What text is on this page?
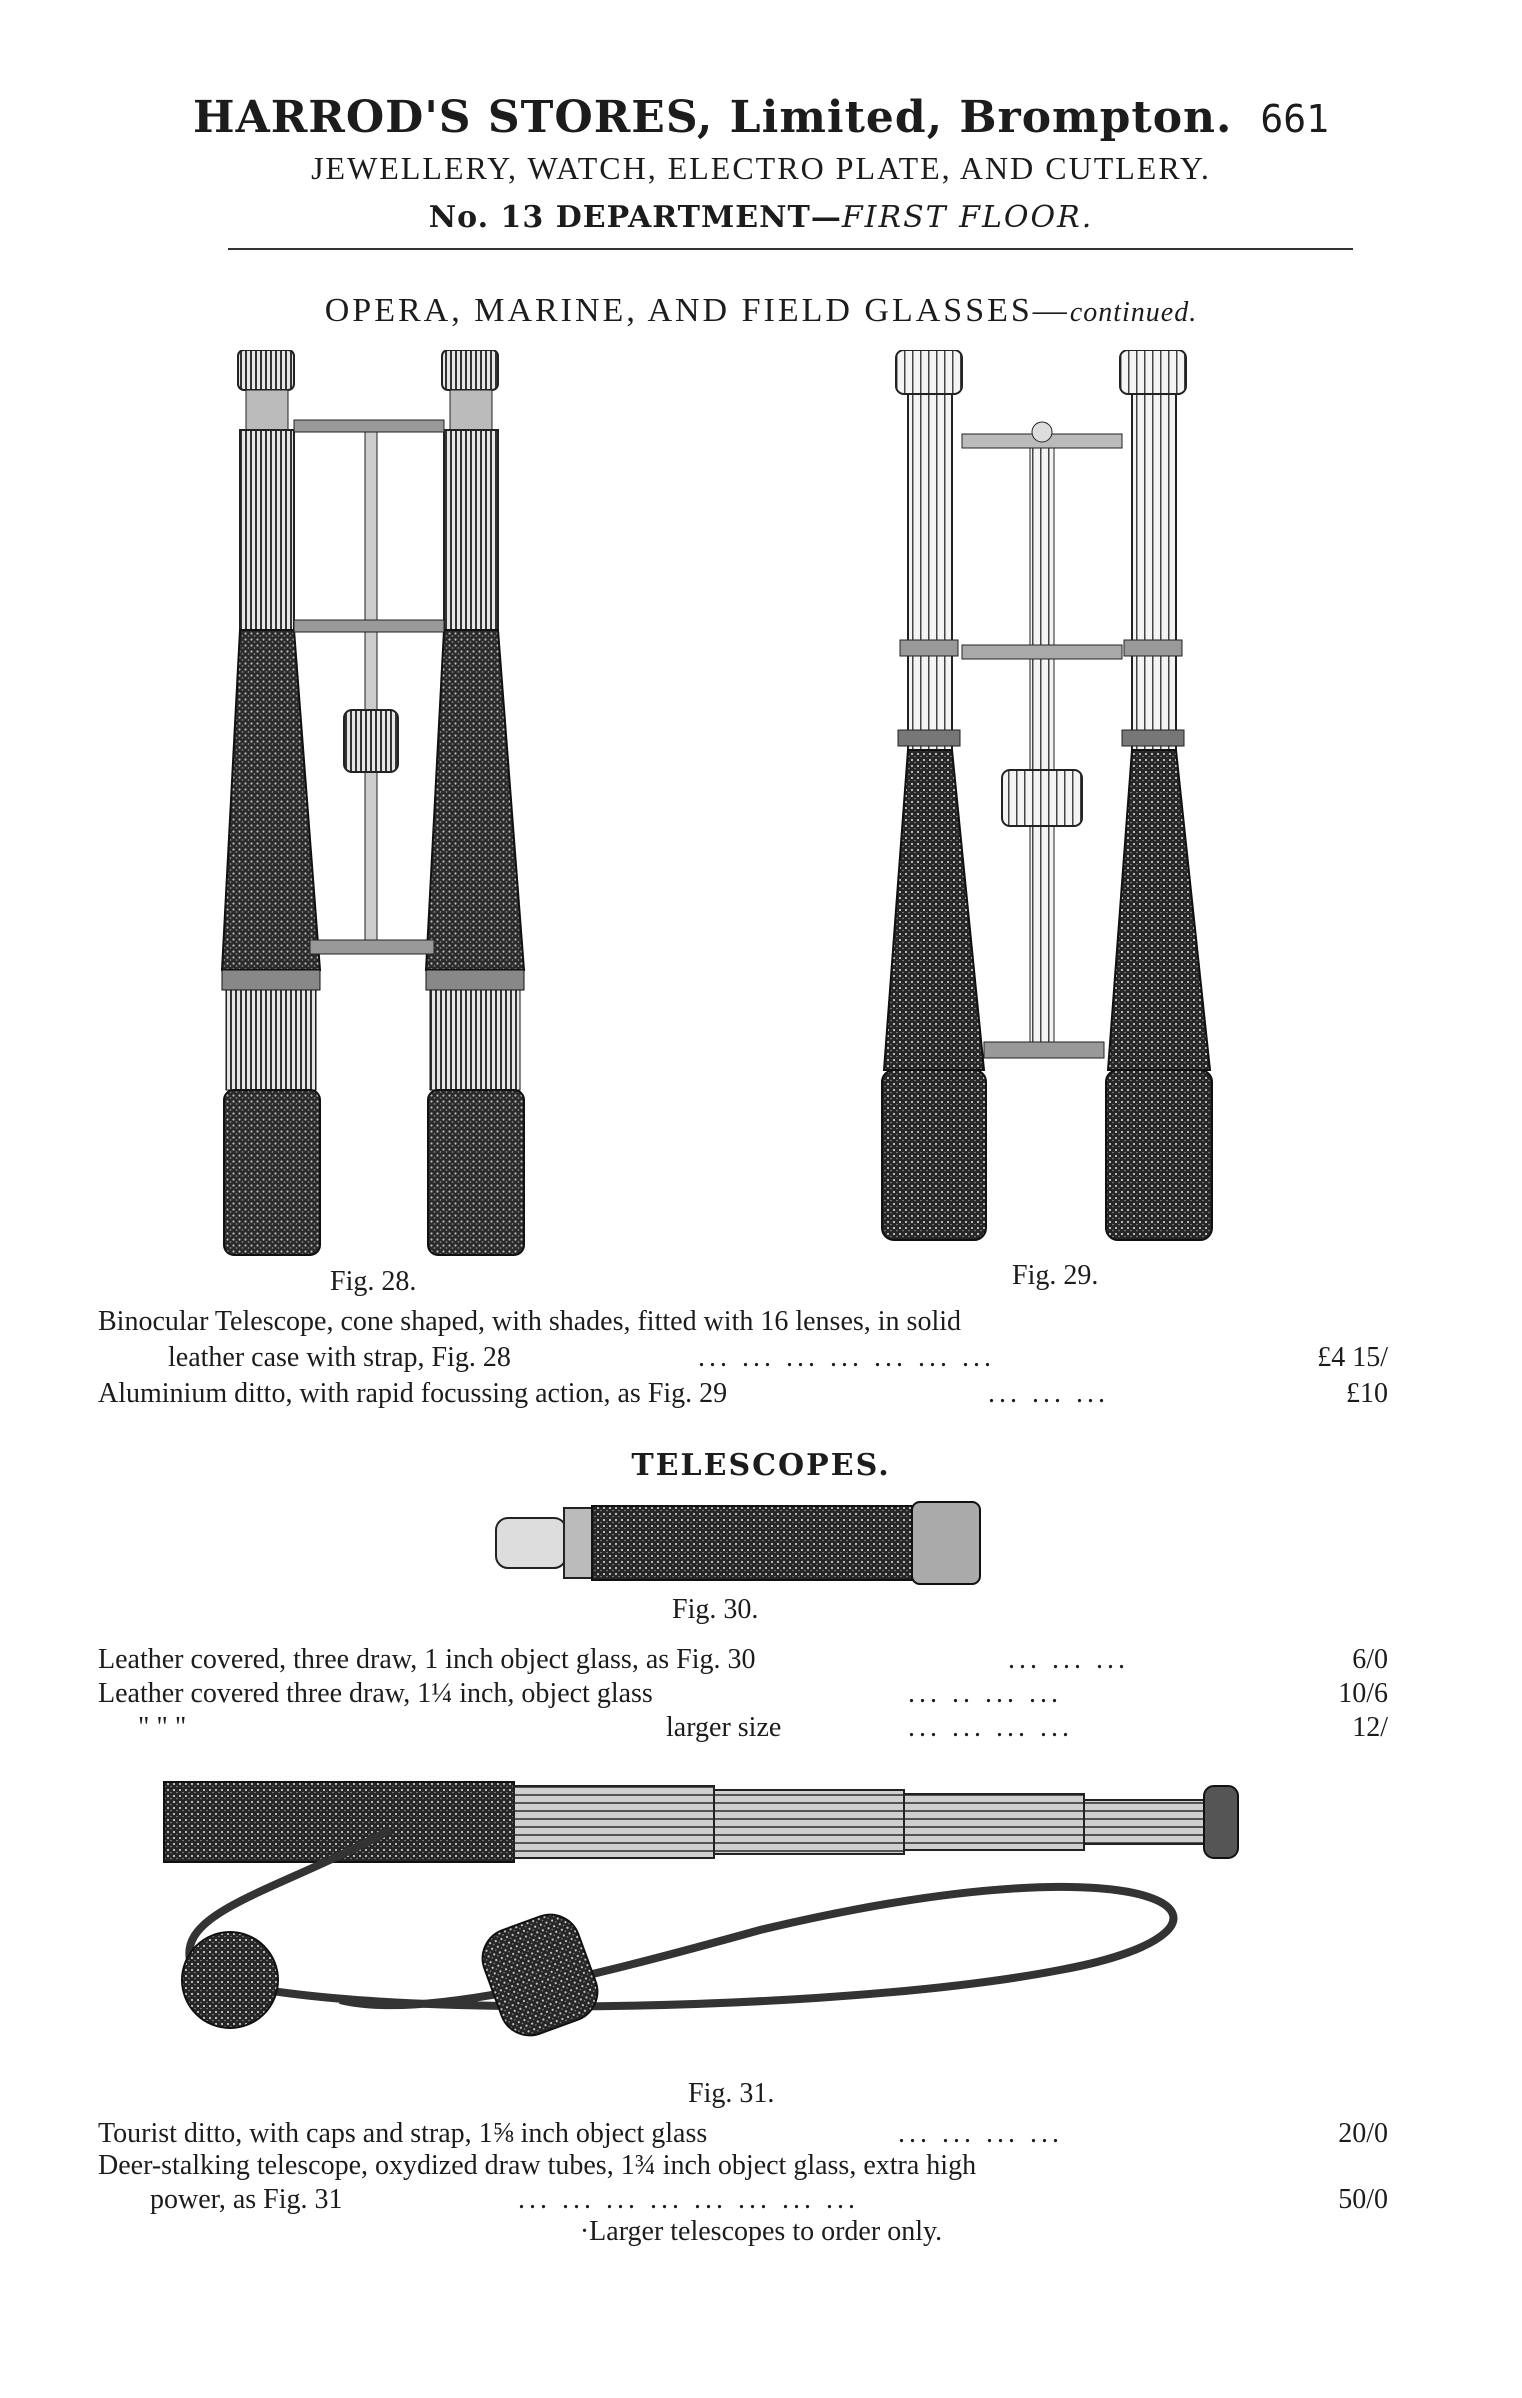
HARROD'S STORES, Limited, Brompton. 661
JEWELLERY, WATCH, ELECTRO PLATE, AND CUTLERY.
No. 13 DEPARTMENT—FIRST FLOOR.
OPERA, MARINE, AND FIELD GLASSES—continued.
Fig. 28.	Fig. 29.
Binocular Telescope, cone shaped, with shades, fitted with 16 lenses, in solid
leather case with strap, Fig. 28	... ... ... ... ... ... ...	£4 15/
Aluminium ditto, with rapid focussing action, as Fig. 29	... ... ...	£10
TELESCOPES.
Fig. 30.
Leather covered, three draw, 1 inch object glass, as Fig. 30	... ... ...	6/0
Leather covered three draw, 1¼ inch, object glass	... .. ... ...	10/6
" " "	larger size	... ... ... ...	12/
Fig. 31.
Tourist ditto, with caps and strap, 1⅝ inch object glass	... ... ... ...	20/0
Deer-stalking telescope, oxydized draw tubes, 1¾ inch object glass, extra high
power, as Fig. 31	... ... ... ... ... ... ... ...	50/0
·Larger telescopes to order only.
